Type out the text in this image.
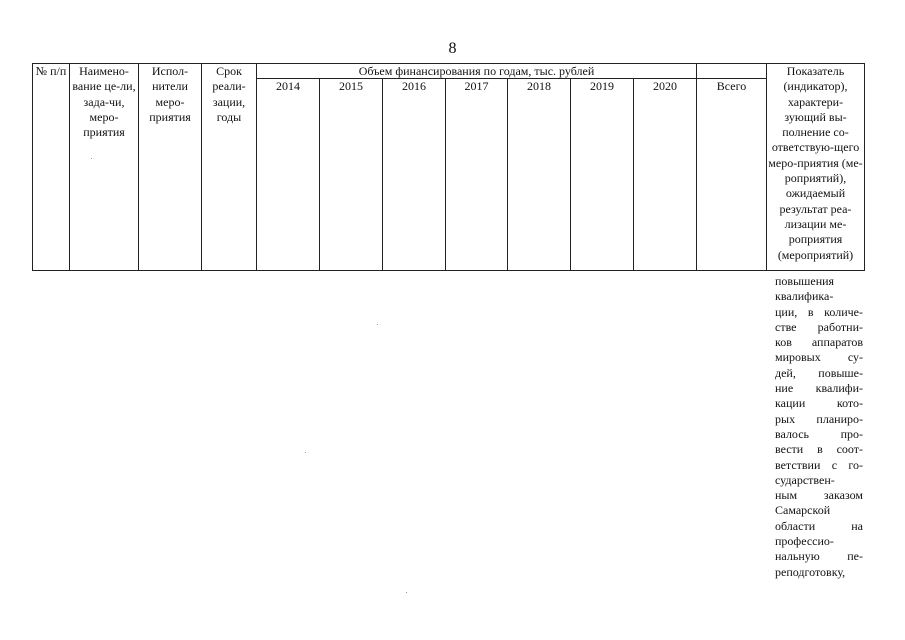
8
№ п/п	Наимено-вание це-ли, зада-чи, меро-приятия	Испол-нители меро-приятия	Срок реали-зации, годы	Объем финансирования по годам, тыс. рублей								Показатель (индикатор), характери-зующий вы-полнение со-ответствую-щего меро-приятия (ме-роприятий), ожидаемый результат реа-лизации ме-роприятия (мероприятий)
				2014	2015	2016	2017	2018	2019	2020	Всего	
повышения
квалифика-
ции, в количе-
стве работни-
ков аппаратов
мировых су-
дей, повыше-
ние квалифи-
кации кото-
рых планиро-
валось про-
вести в соот-
ветствии с го-
сударствен-
ным заказом
Самарской
области на
профессио-
нальную пе-
реподготовку,
